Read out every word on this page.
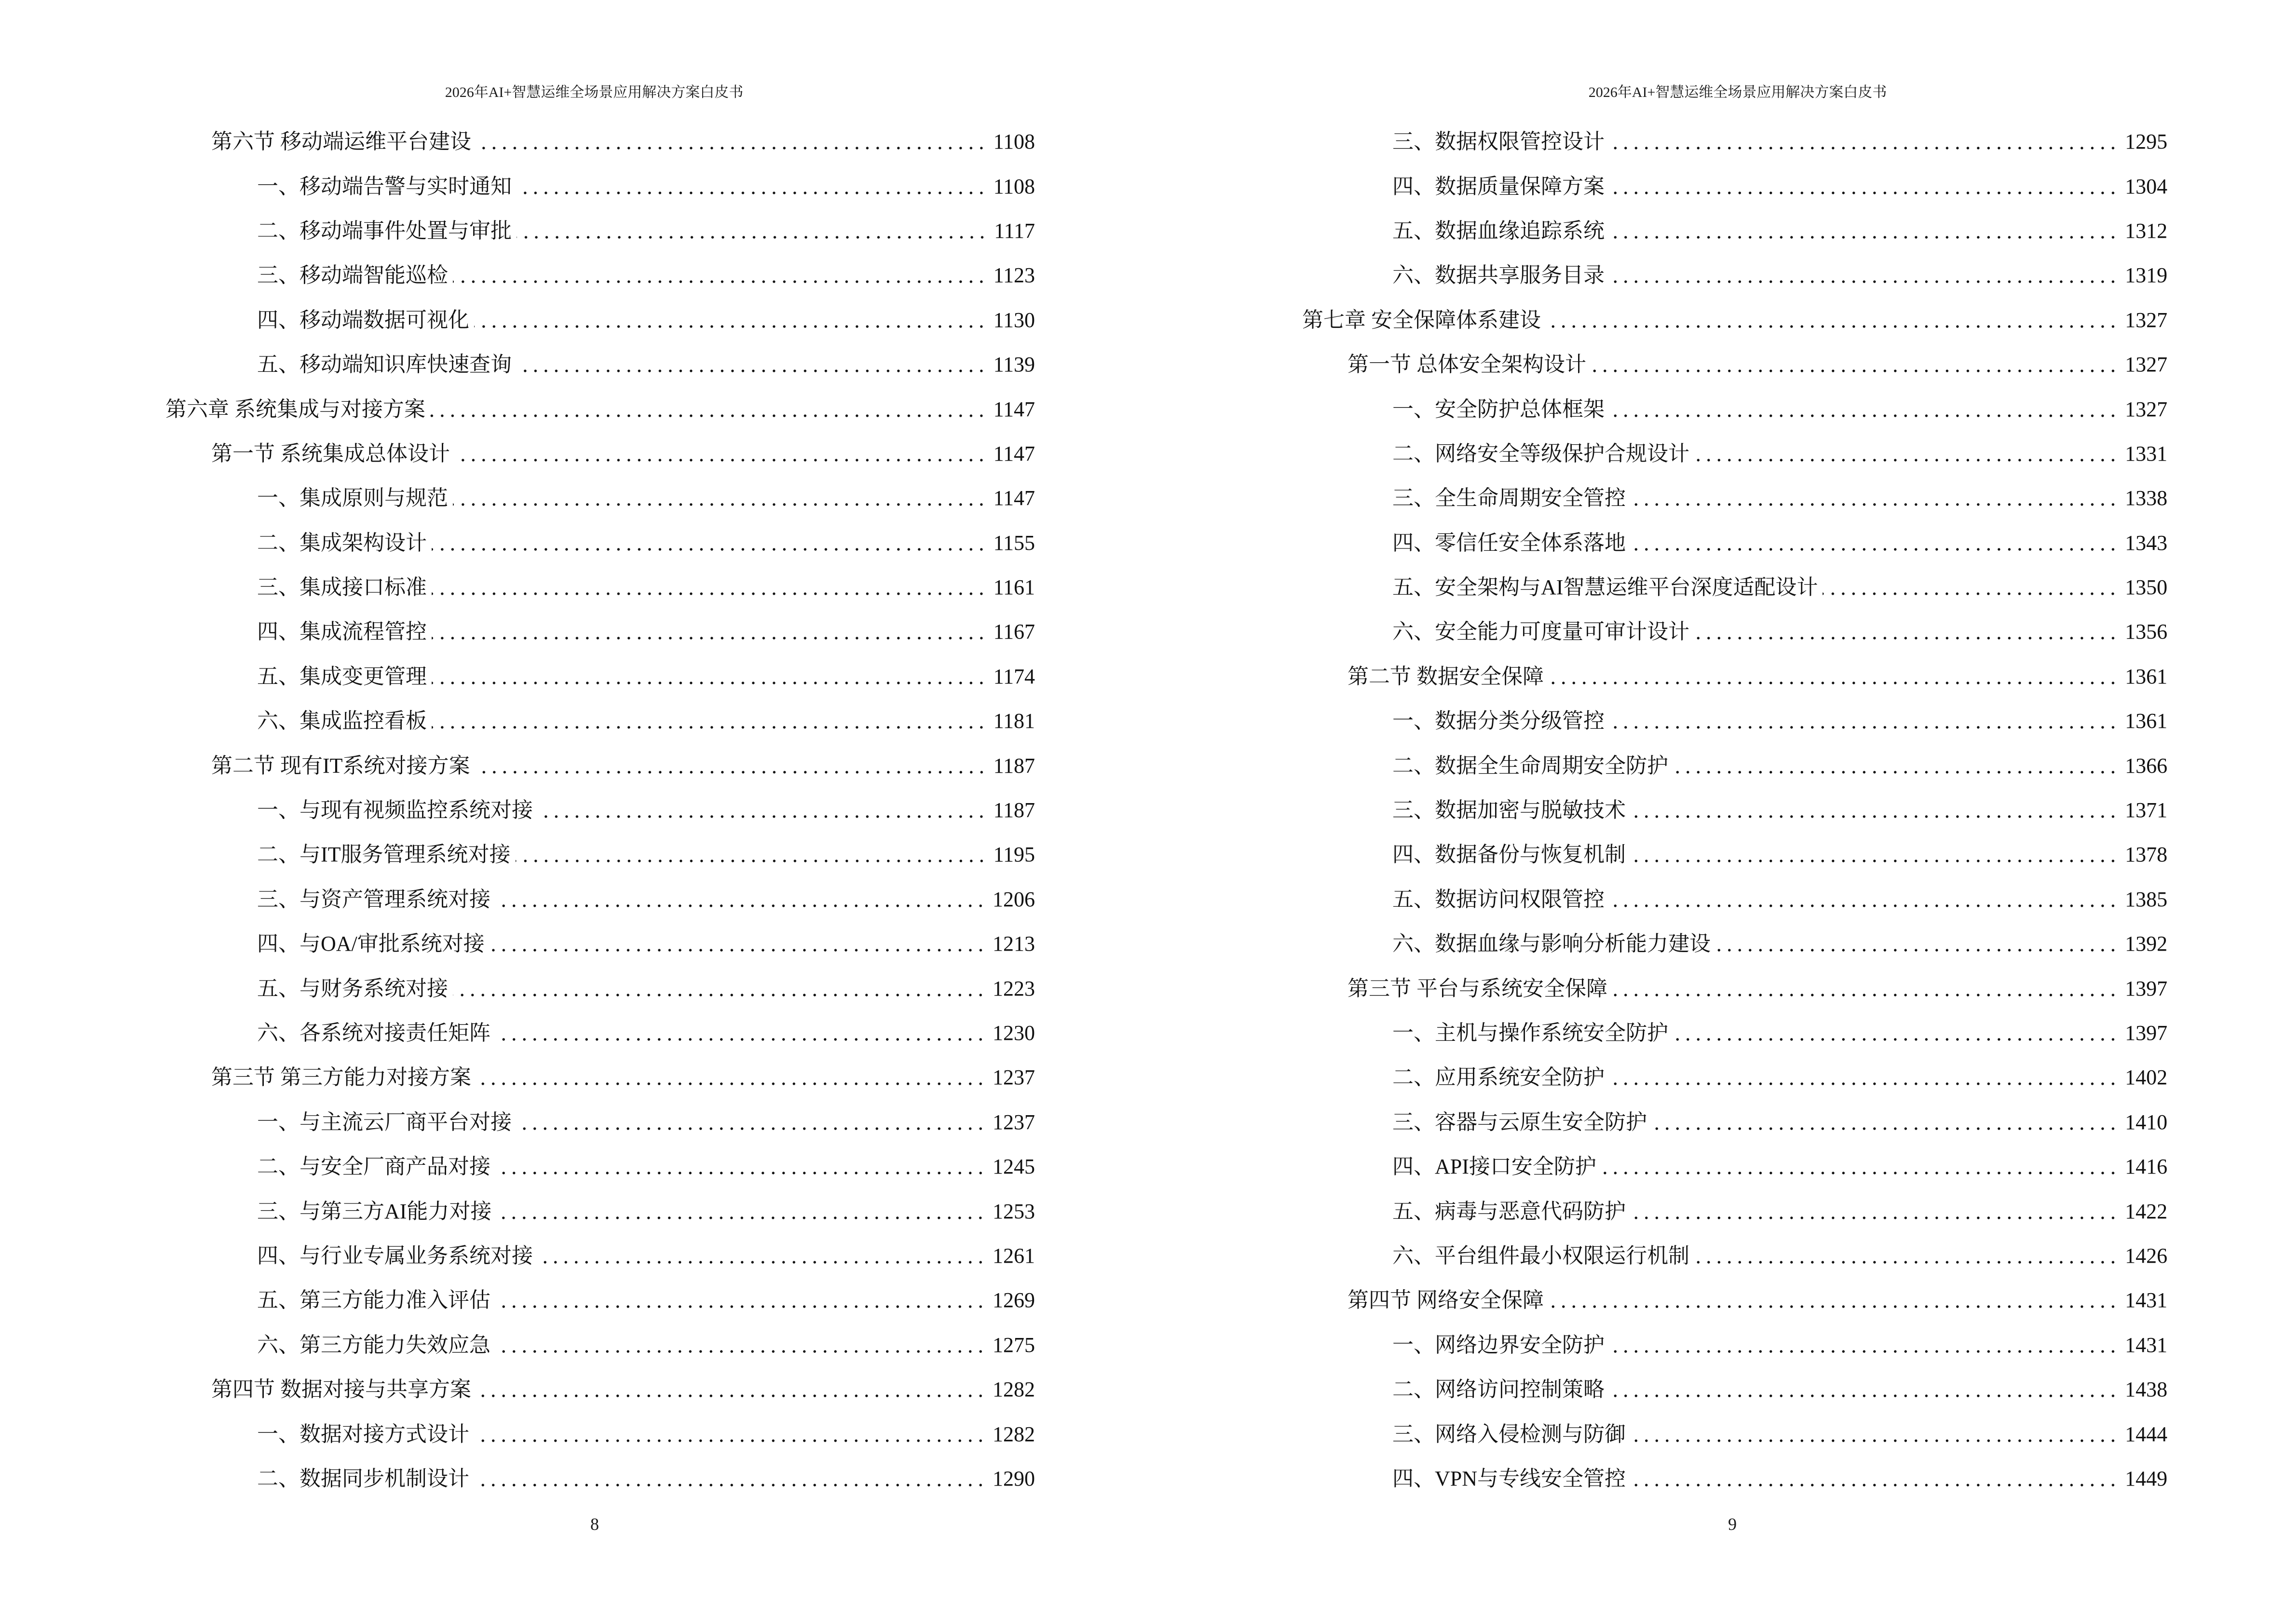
2026年AI+智慧运维全场景应用解决方案白皮书
第六节 移动端运维平台建设	1108
一、移动端告警与实时通知	1108
二、移动端事件处置与审批	1117
三、移动端智能巡检	1123
四、移动端数据可视化	1130
五、移动端知识库快速查询	1139
第六章 系统集成与对接方案	1147
第一节 系统集成总体设计	1147
一、集成原则与规范	1147
二、集成架构设计	1155
三、集成接口标准	1161
四、集成流程管控	1167
五、集成变更管理	1174
六、集成监控看板	1181
第二节 现有IT系统对接方案	1187
一、与现有视频监控系统对接	1187
二、与IT服务管理系统对接	1195
三、与资产管理系统对接	1206
四、与OA/审批系统对接	1213
五、与财务系统对接	1223
六、各系统对接责任矩阵	1230
第三节 第三方能力对接方案	1237
一、与主流云厂商平台对接	1237
二、与安全厂商产品对接	1245
三、与第三方AI能力对接	1253
四、与行业专属业务系统对接	1261
五、第三方能力准入评估	1269
六、第三方能力失效应急	1275
第四节 数据对接与共享方案	1282
一、数据对接方式设计	1282
二、数据同步机制设计	1290
8
2026年AI+智慧运维全场景应用解决方案白皮书
三、数据权限管控设计	1295
四、数据质量保障方案	1304
五、数据血缘追踪系统	1312
六、数据共享服务目录	1319
第七章 安全保障体系建设	1327
第一节 总体安全架构设计	1327
一、安全防护总体框架	1327
二、网络安全等级保护合规设计	1331
三、全生命周期安全管控	1338
四、零信任安全体系落地	1343
五、安全架构与AI智慧运维平台深度适配设计	1350
六、安全能力可度量可审计设计	1356
第二节 数据安全保障	1361
一、数据分类分级管控	1361
二、数据全生命周期安全防护	1366
三、数据加密与脱敏技术	1371
四、数据备份与恢复机制	1378
五、数据访问权限管控	1385
六、数据血缘与影响分析能力建设	1392
第三节 平台与系统安全保障	1397
一、主机与操作系统安全防护	1397
二、应用系统安全防护	1402
三、容器与云原生安全防护	1410
四、API接口安全防护	1416
五、病毒与恶意代码防护	1422
六、平台组件最小权限运行机制	1426
第四节 网络安全保障	1431
一、网络边界安全防护	1431
二、网络访问控制策略	1438
三、网络入侵检测与防御	1444
四、VPN与专线安全管控	1449
9
